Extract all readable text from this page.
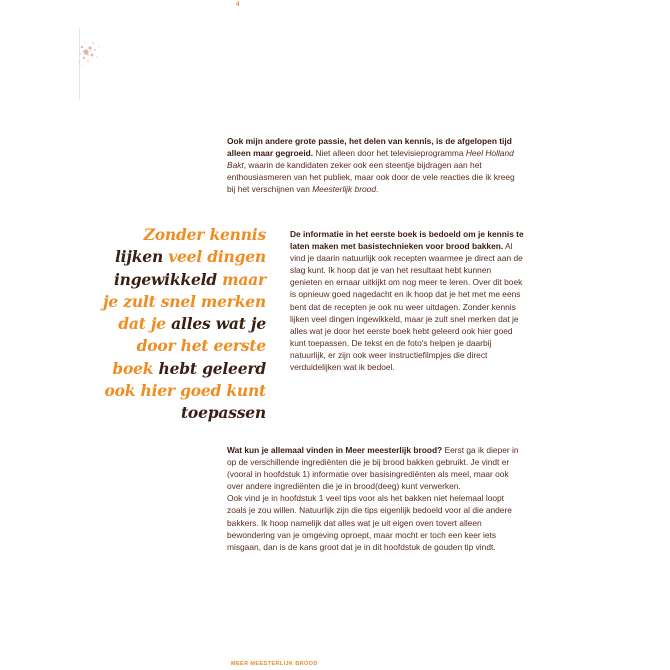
4

Ook mijn andere grote passie, het delen van kennis, is de afgelopen tijd alleen maar gegroeid. Niet alleen door het televisieprogramma Heel Holland Bakt, waarin de kandidaten zeker ook een steentje bijdragen aan het enthousiasmeren van het publiek, maar ook door de vele reacties die ik kreeg bij het verschijnen van Meesterlijk brood.

Zonder kennis
lijken veel dingen
ingewikkeld maar
je zult snel merken
dat je alles wat je
door het eerste
boek hebt geleerd
ook hier goed kunt
toepassen

De informatie in het eerste boek is bedoeld om je kennis te laten maken met basistechnieken voor brood bakken. Al vind je daarin natuurlijk ook recepten waarmee je direct aan de slag kunt. Ik hoop dat je van het resultaat hebt kunnen genieten en ernaar uitkijkt om nog meer te leren. Over dit boek is opnieuw goed nagedacht en ik hoop dat je het met me eens bent dat de recepten je ook nu weer uitdagen. Zonder kennis lijken veel dingen ingewikkeld, maar je zult snel merken dat je alles wat je door het eerste boek hebt geleerd ook hier goed kunt toepassen. De tekst en de foto's helpen je daarbij natuurlijk, er zijn ook weer instructiefilmpjes die direct verduidelijken wat ik bedoel.

Wat kun je allemaal vinden in Meer meesterlijk brood? Eerst ga ik dieper in op de verschillende ingrediënten die je bij brood bakken gebruikt. Je vindt er (vooral in hoofdstuk 1) informatie over basisingrediënten als meel, maar ook over andere ingrediënten die je in brood(deeg) kunt verwerken.

Ook vind je in hoofdstuk 1 veel tips voor als het bakken niet helemaal loopt zoals je zou willen. Natuurlijk zijn die tips eigenlijk bedoeld voor al die andere bakkers. Ik hoop namelijk dat alles wat je uit eigen oven tovert alleen bewondering van je omgeving oproept, maar mocht er toch een keer iets misgaan, dan is de kans groot dat je in dit hoofdstuk de gouden tip vindt.

MEER MEESTERLIJK BROOD
